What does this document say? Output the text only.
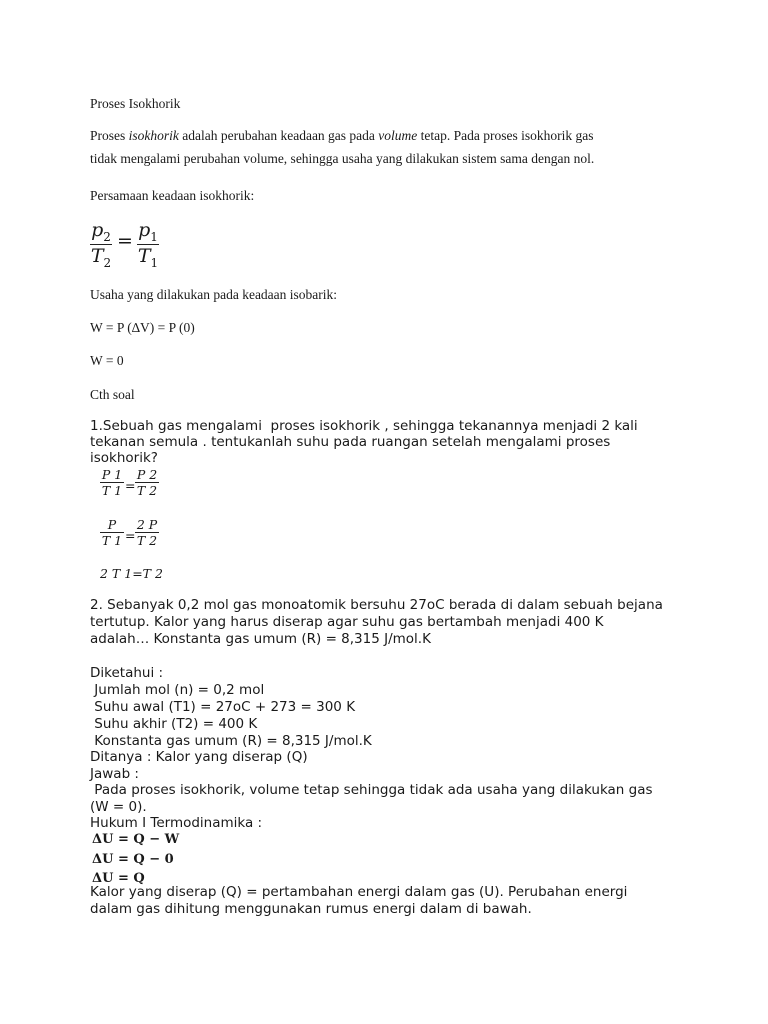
Proses Isokhorik

Proses isokhorik adalah perubahan keadaan gas pada volume tetap. Pada proses isokhorik gas

tidak mengalami perubahan volume, sehingga usaha yang dilakukan sistem sama dengan nol.

Persamaan keadaan isokhorik:

$p_2$
$T_2$
= $p_1$
$T_1$

Usaha yang dilakukan pada keadaan isobarik:

W = P (∆V) = P (0)

W = 0

Cth soal

1.Sebuah gas mengalami  proses isokhorik , sehingga tekanannya menjadi 2 kali

tekanan semula . tentukanlah suhu pada ruangan setelah mengalami proses

isokhorik?

P 1
T 1 =
P 2
T 2
P
T 1 =
2 P
T 2
2 T 1=T 2

2. Sebanyak 0,2 mol gas monoatomik bersuhu 27oC berada di dalam sebuah bejana

tertutup. Kalor yang harus diserap agar suhu gas bertambah menjadi 400 K

adalah… Konstanta gas umum (R) = 8,315 J/mol.K

Diketahui :

Jumlah mol (n) = 0,2 mol

Suhu awal (T1) = 27oC + 273 = 300 K

Suhu akhir (T2) = 400 K

Konstanta gas umum (R) = 8,315 J/mol.K

Ditanya : Kalor yang diserap (Q)

Jawab :

Pada proses isokhorik, volume tetap sehingga tidak ada usaha yang dilakukan gas

(W = 0).

Hukum I Termodinamika :

ΔU = Q − W
ΔU = Q − 0
ΔU = Q

Kalor yang diserap (Q) = pertambahan energi dalam gas (U). Perubahan energi

dalam gas dihitung menggunakan rumus energi dalam di bawah.
